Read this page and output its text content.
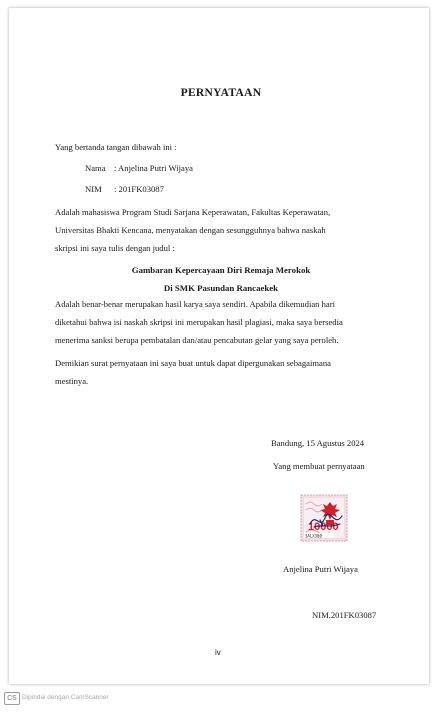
PERNYATAAN
Yang bertanda tangan dibawah ini :
Nama : Anjelina Putri Wijaya
NIM : 201FK03087
Adalah mahasiswa Program Studi Sarjana Keperawatan, Fakultas Keperawatan,
Universitas Bhakti Kencana, menyatakan dengan sesungguhnya bahwa naskah
skripsi ini saya tulis dengan judul :
Gambaran Kepercayaan Diri Remaja Merokok
Di SMK Pasundan Rancaekek
Adalah benar-benar merupakan hasil karya saya sendiri. Apabila dikemudian hari
diketahui bahwa isi naskah skripsi ini merupakan hasil plagiasi, maka saya bersedia
menerima sanksi berupa pembatalan dan/atau pencabutan gelar yang saya peroleh.
Demikian surat pernyataan ini saya buat untuk dapat dipergunakan sebagaimana
mestinya.
Bandung, 15 Agustus 2024
Yang membuat pernyataan
10000
3ALX300
Anjelina Putri Wijaya
NIM.201FK03087
iv
CS Dipindai dengan CamScanner
